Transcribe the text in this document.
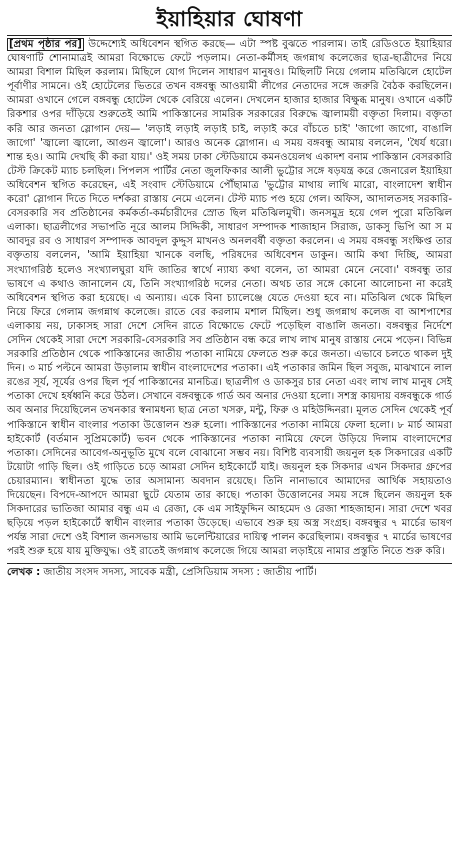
ইয়াহিয়ার ঘোষণা

[প্রথম পৃষ্ঠার পর] উদ্দেশ্যেই অধিবেশন স্থগিত করছে— এটা স্পষ্ট বুঝতে পারলাম। তাই রেডিওতে ইয়াহিয়ার ঘোষণাটি শোনামাত্রই আমরা বিক্ষোভে ফেটে পড়লাম। নেতা-কর্মীসহ জগন্নাথ কলেজের ছাত্র-ছাত্রীদের নিয়ে আমরা বিশাল মিছিল করলাম। মিছিলে যোগ দিলেন সাধারণ মানুষও। মিছিলটি নিয়ে গেলাম মতিঝিলে হোটেল পূর্বাণীর সামনে। ওই হোটেলের ভিতরে তখন বঙ্গবন্ধু আওয়ামী লীগের নেতাদের সঙ্গে জরুরি বৈঠক করছিলেন। আমরা ওখানে গেলে বঙ্গবন্ধু হোটেল থেকে বেরিয়ে এলেন। দেখলেন হাজার হাজার বিক্ষুব্ধ মানুষ। ওখানে একটি রিকশার ওপর দাঁড়িয়ে শুরুতেই আমি পাকিস্তানের সামরিক সরকারের বিরুদ্ধে জ্বালাময়ী বক্তৃতা দিলাম। বক্তৃতা করি আর জনতা স্লোগান দেয়— 'লড়াই লড়াই লড়াই চাই, লড়াই করে বাঁচতে চাই' 'জাগো জাগো, বাঙালি জাগো' 'জ্বালো জ্বালো, আগুন জ্বালো'। আরও অনেক স্লোগান। এ সময় বঙ্গবন্ধু আমায় বললেন, 'ধৈর্য ধরো। শান্ত হও। আমি দেখছি কী করা যায়।' ওই সময় ঢাকা স্টেডিয়ামে কমনওয়েলথ একাদশ বনাম পাকিস্তান বেসরকারি টেস্ট ক্রিকেট ম্যাচ চলছিল। পিপলস পার্টির নেতা জুলফিকার আলী ভুট্টোর সঙ্গে ষড়যন্ত্র করে জেনারেল ইয়াহিয়া অধিবেশন স্থগিত করেছেন, এই সংবাদ স্টেডিয়ামে পৌঁছামাত্র 'ভুট্টোর মাথায় লাথি মারো, বাংলাদেশ স্বাধীন করো' স্লোগান দিতে দিতে দর্শকরা রাস্তায় নেমে এলেন। টেস্ট ম্যাচ পণ্ড হয়ে গেল। অফিস, আদালতসহ সরকারি-বেসরকারি সব প্রতিষ্ঠানের কর্মকর্তা-কর্মচারীদের স্রোত ছিল মতিঝিলমুখী। জনসমুদ্র হয়ে গেল পুরো মতিঝিল এলাকা। ছাত্রলীগের সভাপতি নূরে আলম সিদ্দিকী, সাধারণ সম্পাদক শাজাহান সিরাজ, ডাকসু ভিপি আ স ম আবদুর রব ও সাধারণ সম্পাদক আবদুল কুদ্দুস মাখনও অনলবর্ষী বক্তৃতা করলেন। এ সময় বঙ্গবন্ধু সংক্ষিপ্ত তার বক্তৃতায় বললেন, 'আমি ইয়াহিয়া খানকে বলছি, পরিষদের অধিবেশন ডাকুন। আমি কথা দিচ্ছি, আমরা সংখ্যাগরিষ্ঠ হলেও সংখ্যালঘুরা যদি জাতির স্বার্থে ন্যায্য কথা বলেন, তা আমরা মেনে নেবো।' বঙ্গবন্ধু তার ভাষণে এ কথাও জানালেন যে, তিনি সংখ্যাগরিষ্ঠ দলের নেতা। অথচ তার সঙ্গে কোনো আলোচনা না করেই অধিবেশন স্থগিত করা হয়েছে। এ অন্যায়। একে বিনা চ্যালেঞ্জে যেতে দেওয়া হবে না। মতিঝিল থেকে মিছিল নিয়ে ফিরে গেলাম জগন্নাথ কলেজে। রাতে বের করলাম মশাল মিছিল। শুধু জগন্নাথ কলেজ বা আশপাশের এলাকায় নয়, ঢাকাসহ সারা দেশে সেদিন রাতে বিক্ষোভে ফেটে পড়েছিল বাঙালি জনতা। বঙ্গবন্ধুর নির্দেশে সেদিন থেকেই সারা দেশে সরকারি-বেসরকারি সব প্রতিষ্ঠান বন্ধ করে লাখ লাখ মানুষ রাস্তায় নেমে পড়েন। বিভিন্ন সরকারি প্রতিষ্ঠান থেকে পাকিস্তানের জাতীয় পতাকা নামিয়ে ফেলতে শুরু করে জনতা। এভাবে চলতে থাকল দুই দিন। ৩ মার্চ পল্টনে আমরা উড়ালাম স্বাধীন বাংলাদেশের পতাকা। এই পতাকার জমিন ছিল সবুজ, মাঝখানে লাল রঙের সূর্য, সূর্যের ওপর ছিল পূর্ব পাকিস্তানের মানচিত্র। ছাত্রলীগ ও ডাকসুর চার নেতা এবং লাখ লাখ মানুষ সেই পতাকা দেখে হর্ষধ্বনি করে উঠল। সেখানে বঙ্গবন্ধুকে গার্ড অব অনার দেওয়া হলো। সশস্ত্র কায়দায় বঙ্গবন্ধুকে গার্ড অব অনার দিয়েছিলেন তখনকার স্বনামধন্য ছাত্র নেতা খসরু, মন্টু, ফিরু ও মহিউদ্দিনরা। মূলত সেদিন থেকেই পূর্ব পাকিস্তানে স্বাধীন বাংলার পতাকা উত্তোলন শুরু হলো। পাকিস্তানের পতাকা নামিয়ে ফেলা হলো। ৮ মার্চ আমরা হাইকোর্ট (বর্তমান সুপ্রিমকোর্ট) ভবন থেকে পাকিস্তানের পতাকা নামিয়ে ফেলে উড়িয়ে দিলাম বাংলাদেশের পতাকা। সেদিনের আবেগ-অনুভূতি মুখে বলে বোঝানো সম্ভব নয়। বিশিষ্ট ব্যবসায়ী জয়নুল হক সিকদারের একটি টয়োটা গাড়ি ছিল। ওই গাড়িতে চড়ে আমরা সেদিন হাইকোর্টে যাই। জয়নুল হক সিকদার এখন সিকদার গ্রুপের চেয়ারম্যান। স্বাধীনতা যুদ্ধে তার অসামান্য অবদান রয়েছে। তিনি নানাভাবে আমাদের আর্থিক সহায়তাও দিয়েছেন। বিপদে-আপদে আমরা ছুটে যেতাম তার কাছে। পতাকা উত্তোলনের সময় সঙ্গে ছিলেন জয়নুল হক সিকদারের ভাতিজা আমার বন্ধু এম এ রেজা, কে এম সাইফুদ্দিন আহমেদ ও রেজা শাহজাহান। সারা দেশে খবর ছড়িয়ে পড়ল হাইকোর্টে স্বাধীন বাংলার পতাকা উড়েছে। এভাবে শুরু হয় অস্ত্র সংগ্রহ। বঙ্গবন্ধুর ৭ মার্চের ভাষণ পর্যন্ত সারা দেশে ওই বিশাল জনসভায় আমি ভলেন্টিয়ারের দায়িত্ব পালন করেছিলাম। বঙ্গবন্ধুর ৭ মার্চের ভাষণের পরই শুরু হয়ে যায় মুক্তিযুদ্ধ। ওই রাতেই জগন্নাথ কলেজে গিয়ে আমরা লড়াইয়ে নামার প্রস্তুতি নিতে শুরু করি।

লেখক : জাতীয় সংসদ সদস্য, সাবেক মন্ত্রী, প্রেসিডিয়াম সদস্য : জাতীয় পার্টি।
